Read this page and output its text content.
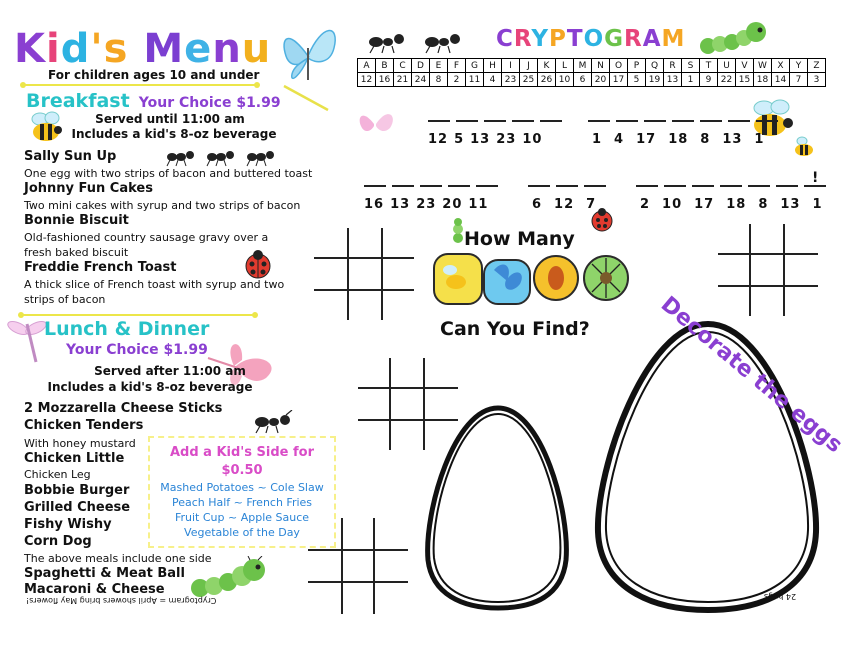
Kid's Menu
For children ages 10 and under
Breakfast Your Choice $1.99
Served until 11:00 am
Includes a kid's 8-oz beverage
Sally Sun Up
One egg with two strips of bacon and buttered toast
Johnny Fun Cakes
Two mini cakes with syrup and two strips of bacon
Bonnie Biscuit
Old-fashioned country sausage gravy over a fresh baked biscuit
Freddie French Toast
A thick slice of French toast with syrup and two strips of bacon
Lunch & Dinner
Your Choice $1.99
Served after 11:00 am
Includes a kid's 8-oz beverage
2 Mozzarella Cheese Sticks
Chicken Tenders
With honey mustard
Chicken Little
Chicken Leg
Bobbie Burger
Grilled Cheese
Fishy Wishy
Corn Dog
The above meals include one side
Spaghetti & Meat Ball
Macaroni & Cheese
Add a Kid's Side for
$0.50
Mashed Potatoes ~ Cole Slaw
Peach Half ~ French Fries
Fruit Cup ~ Apple Sauce
Vegetable of the Day
Cryptogram = April showers bring May flowers!
CRYPTOGRAM
A	B	C	D	E	F	G	H	I	J	K	L	M	N	O	P	Q	R	S	T	U	V	W	X	Y	Z
12	16	21	24	8	2	11	4	23	25	26	10	6	20	17	5	19	13	1	9	22	15	18	14	7	3
12 5 13 23 10	1 4 17 18 8 13 1
16 13 23 20 11	6 12 7	2 10 17 18 8 13 1
!
How Many
Can You Find?	Decorate the eggs
24 bugs
